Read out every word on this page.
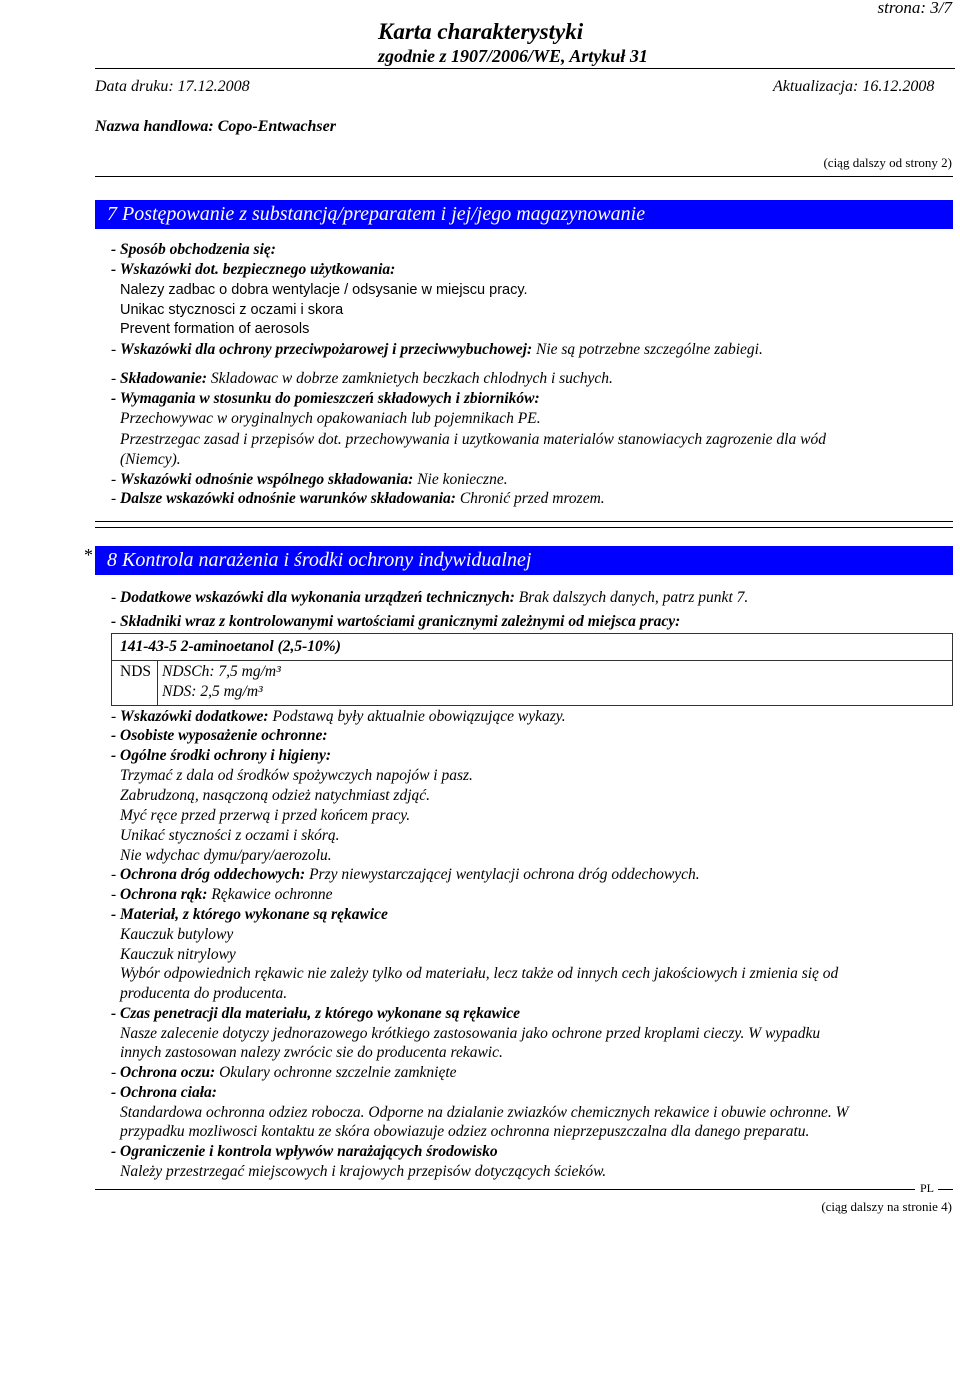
strona: 3/7
Karta charakterystyki
zgodnie z 1907/2006/WE, Artykuł 31
Data druku: 17.12.2008	Aktualizacja: 16.12.2008
Nazwa handlowa: Copo-Entwachser
(ciąg dalszy od strony 2)
7 Postępowanie z substancją/preparatem i jej/jego magazynowanie
- Sposób obchodzenia się:
- Wskazówki dot. bezpiecznego użytkowania:
Nalezy zadbac o dobra wentylacje / odsysanie w miejscu pracy.
Unikac stycznosci z oczami i skora
Prevent formation of aerosols
- Wskazówki dla ochrony przeciwpożarowej i przeciwwybuchowej: Nie są potrzebne szczególne zabiegi.
- Składowanie: Skladowac w dobrze zamknietych beczkach chlodnych i suchych.
- Wymagania w stosunku do pomieszczeń składowych i zbiorników:
Przechowywac w oryginalnych opakowaniach lub pojemnikach PE.
Przestrzegac zasad i przepisów dot. przechowywania i uzytkowania materialów stanowiacych zagrozenie dla wód
(Niemcy).
- Wskazówki odnośnie wspólnego składowania: Nie konieczne.
- Dalsze wskazówki odnośnie warunków składowania: Chronić przed mrozem.
* 8 Kontrola narażenia i środki ochrony indywidualnej
- Dodatkowe wskazówki dla wykonania urządzeń technicznych: Brak dalszych danych, patrz punkt 7.
- Składniki wraz z kontrolowanymi wartościami granicznymi zależnymi od miejsca pracy:
141-43-5 2-aminoetanol (2,5-10%)
NDS NDSCh: 7,5 mg/m³
NDS: 2,5 mg/m³
- Wskazówki dodatkowe: Podstawą były aktualnie obowiązujące wykazy.
- Osobiste wyposażenie ochronne:
- Ogólne środki ochrony i higieny:
Trzymać z dala od środków spożywczych napojów i pasz.
Zabrudzoną, nasączoną odzież natychmiast zdjąć.
Myć ręce przed przerwą i przed końcem pracy.
Unikać styczności z oczami i skórą.
Nie wdychac dymu/pary/aerozolu.
- Ochrona dróg oddechowych: Przy niewystarczającej wentylacji ochrona dróg oddechowych.
- Ochrona rąk: Rękawice ochronne
- Materiał, z którego wykonane są rękawice
Kauczuk butylowy
Kauczuk nitrylowy
Wybór odpowiednich rękawic nie zależy tylko od materiału, lecz także od innych cech jakościowych i zmienia się od
producenta do producenta.
- Czas penetracji dla materiału, z którego wykonane są rękawice
Nasze zalecenie dotyczy jednorazowego krótkiego zastosowania jako ochrone przed kroplami cieczy. W wypadku
innych zastosowan nalezy zwrócic sie do producenta rekawic.
- Ochrona oczu: Okulary ochronne szczelnie zamknięte
- Ochrona ciała:
Standardowa ochronna odziez robocza. Odporne na dzialanie zwiazków chemicznych rekawice i obuwie ochronne. W
przypadku mozliwosci kontaktu ze skóra obowiazuje odziez ochronna nieprzepuszczalna dla danego preparatu.
- Ograniczenie i kontrola wpływów narażających środowisko
Należy przestrzegać miejscowych i krajowych przepisów dotyczących ścieków.
PL
(ciąg dalszy na stronie 4)
